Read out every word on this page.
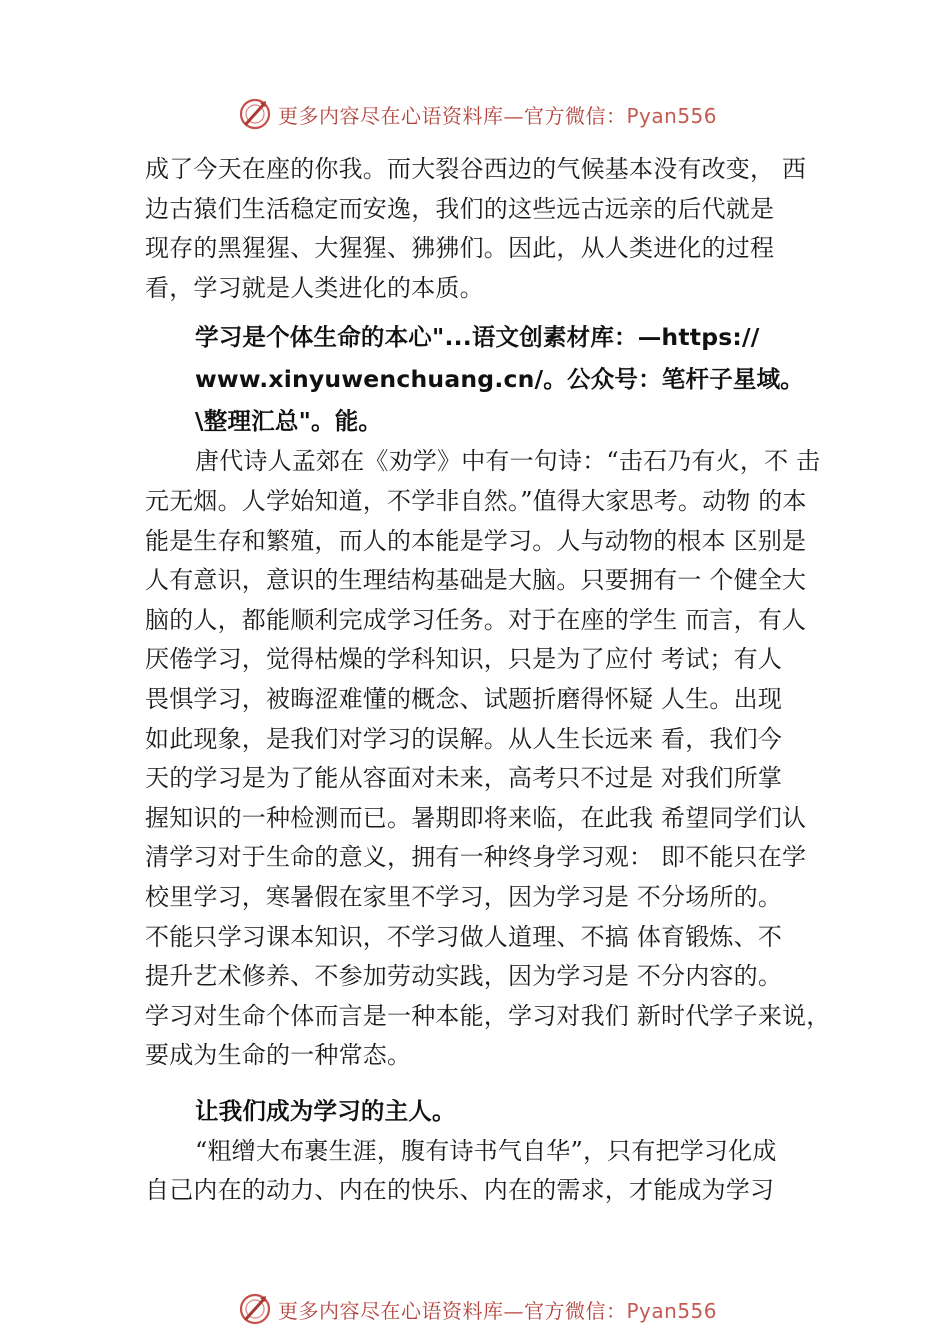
更多内容尽在心语资料库—官方微信：Pyan556
成了今天在座的你我。而大裂谷西边的气候基本没有改变， 西
边古猿们生活稳定而安逸，我们的这些远古远亲的后代就是
现存的黑猩猩、大猩猩、狒狒们。因此，从人类进化的过程
看，学习就是人类进化的本质。
学习是个体生命的本心"...语文创素材库：—https://
www.xinyuwenchuang.cn/。公众号：笔杆子星域。
\整理汇总"。能。
唐代诗人孟郊在《劝学》中有一句诗：“击石乃有火，不 击
元无烟。人学始知道，不学非自然。”值得大家思考。动物 的本
能是生存和繁殖，而人的本能是学习。人与动物的根本 区别是
人有意识，意识的生理结构基础是大脑。只要拥有一 个健全大
脑的人，都能顺利完成学习任务。对于在座的学生 而言，有人
厌倦学习，觉得枯燥的学科知识，只是为了应付 考试；有人
畏惧学习，被晦涩难懂的概念、试题折磨得怀疑 人生。出现
如此现象，是我们对学习的误解。从人生长远来 看，我们今
天的学习是为了能从容面对未来，高考只不过是 对我们所掌
握知识的一种检测而已。暑期即将来临，在此我 希望同学们认
清学习对于生命的意义，拥有一种终身学习观： 即不能只在学
校里学习，寒暑假在家里不学习，因为学习是 不分场所的。
不能只学习课本知识，不学习做人道理、不搞 体育锻炼、不
提升艺术修养、不参加劳动实践，因为学习是 不分内容的。
学习对生命个体而言是一种本能，学习对我们 新时代学子来说，
要成为生命的一种常态。
让我们成为学习的主人。
“粗缯大布裹生涯，腹有诗书气自华”，只有把学习化成
自己内在的动力、内在的快乐、内在的需求，才能成为学习
更多内容尽在心语资料库—官方微信：Pyan556
